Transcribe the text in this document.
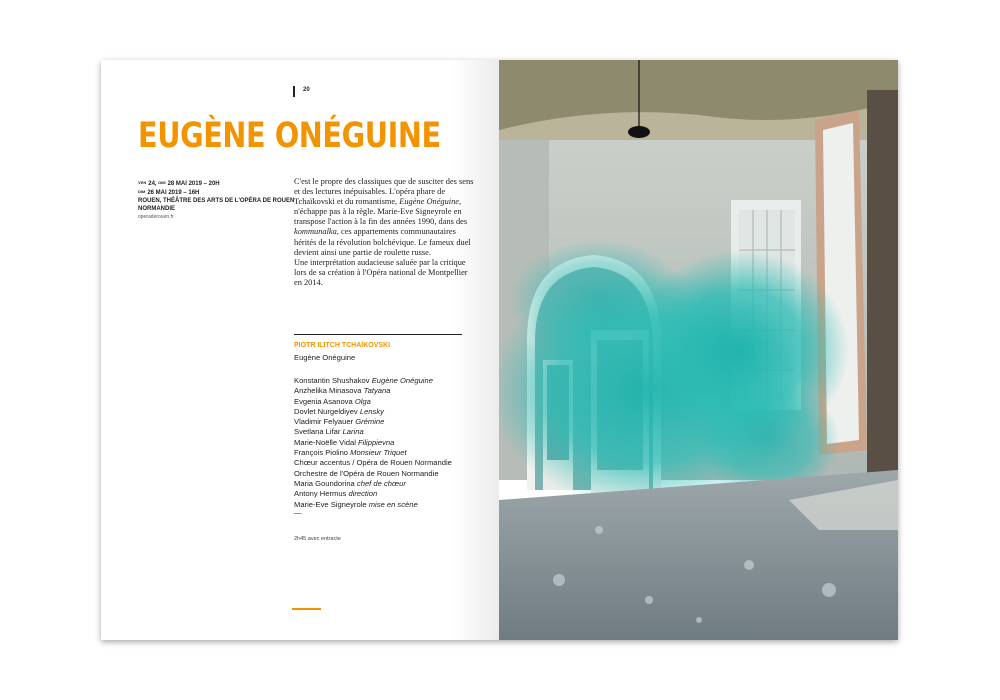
20
EUGÈNE ONÉGUINE
VEN 24, DIM 28 MAI 2019 – 20H
DIM 26 MAI 2019 – 16H
ROUEN, THÉÂTRE DES ARTS DE L'OPÉRA DE ROUEN NORMANDIE
operaderouen.fr
C'est le propre des classiques que de susciter des sens et des lectures inépuisables. L'opéra phare de Tchaïkovski et du romantisme, Eugène Onéguine, n'échappe pas à la règle. Marie-Eve Signeyrole en transpose l'action à la fin des années 1990, dans des kommunalka, ces appartements communautaires hérités de la révolution bolchévique. Le fameux duel devient ainsi une partie de roulette russe.
Une interprétation audacieuse saluée par la critique lors de sa création à l'Opéra national de Montpellier en 2014.
PIOTR ILITCH TCHAÏKOVSKI
Eugène Onéguine
Konstantin Shushakov Eugène Onéguine
Anzhelika Minasova Tatyana
Evgenia Asanova Olga
Dovlet Nurgeldiyev Lensky
Vladimir Felyauer Grémine
Svetlana Lifar Larina
Marie-Noëlle Vidal Filippievna
François Piolino Monsieur Triquet
Chœur accentus / Opéra de Rouen Normandie
Orchestre de l'Opéra de Rouen Normandie
Maria Goundorina chef de chœur
Antony Hermus direction
Marie-Eve Signeyrole mise en scène
—
2h45 avec entracte
